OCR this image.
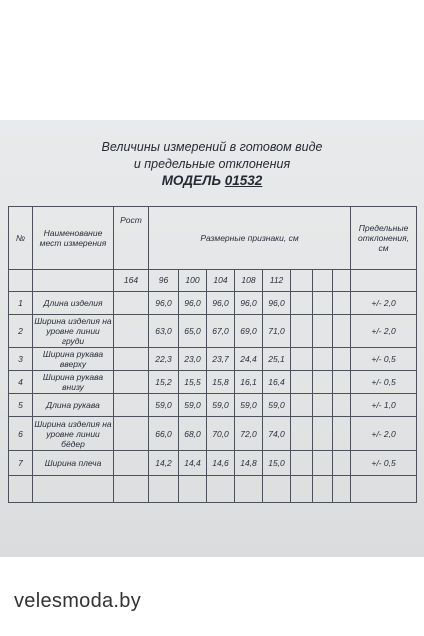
Величины измерений в готовом виде
и предельные отклонения
МОДЕЛЬ 01532
№	Наименование мест измерения	Рост	Размерные признаки, см								Предельные отклонения, см
		164	96	100	104	108	112				
1	Длина изделия		96,0	96,0	96,0	96,0	96,0				+/- 2,0
2	Ширина изделия на уровне линии груди		63,0	65,0	67,0	69,0	71,0				+/- 2,0
3	Ширина рукава вверху		22,3	23,0	23,7	24,4	25,1				+/- 0,5
4	Ширина рукава внизу		15,2	15,5	15,8	16,1	16,4				+/- 0,5
5	Длина рукава		59,0	59,0	59,0	59,0	59,0				+/- 1,0
6	Ширина изделия на уровне линии бёдер		66,0	68,0	70,0	72,0	74,0				+/- 2,0
7	Ширина плеча		14,2	14,4	14,6	14,8	15,0				+/- 0,5

velesmoda.by
